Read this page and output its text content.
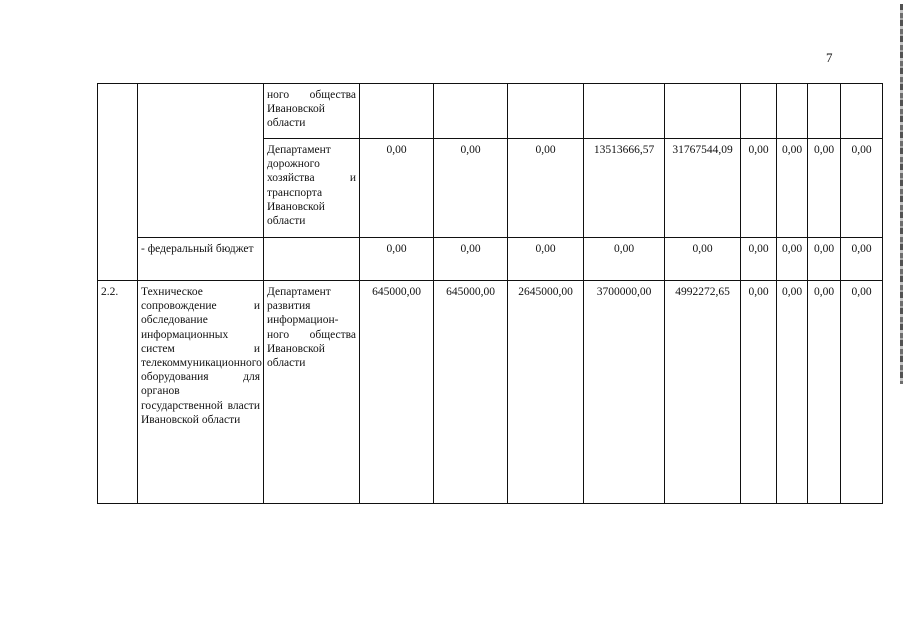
7
		ного общества Ивановской области									
		Департамент дорожного хозяйства и транспорта Ивановской области	0,00	0,00	0,00	13513666,57	31767544,09	0,00	0,00	0,00	0,00
	- федеральный бюджет		0,00	0,00	0,00	0,00	0,00	0,00	0,00	0,00	0,00
2.2.	Техническое сопровождение и обследование информационных систем и телекоммуникационного оборудования для органов государственной власти Ивановской области	Департамент развития информацион-ного общества Ивановской области	645000,00	645000,00	2645000,00	3700000,00	4992272,65	0,00	0,00	0,00	0,00
